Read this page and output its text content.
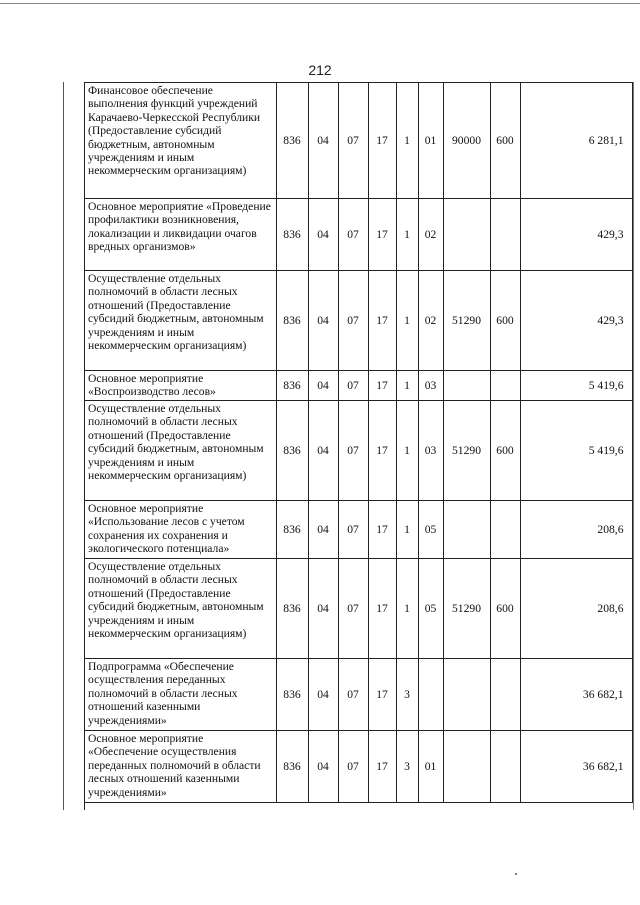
212
Финансовое обеспечение выполнения функций учреждений Карачаево-Черкесской Республики (Предоставление субсидий бюджетным, автономным учреждениям и иным некоммерческим организациям)	836	04	07	17	1	01	90000	600	6 281,1
Основное мероприятие «Проведение профилактики возникновения, локализации и ликвидации очагов вредных организмов»	836	04	07	17	1	02			429,3
Осуществление отдельных полномочий в области лесных отношений (Предоставление субсидий бюджетным, автономным учреждениям и иным некоммерческим организациям)	836	04	07	17	1	02	51290	600	429,3
Основное мероприятие «Воспроизводство лесов»	836	04	07	17	1	03			5 419,6
Осуществление отдельных полномочий в области лесных отношений (Предоставление субсидий бюджетным, автономным учреждениям и иным некоммерческим организациям)	836	04	07	17	1	03	51290	600	5 419,6
Основное мероприятие «Использование лесов с учетом сохранения их сохранения и экологического потенциала»	836	04	07	17	1	05			208,6
Осуществление отдельных полномочий в области лесных отношений (Предоставление субсидий бюджетным, автономным учреждениям и иным некоммерческим организациям)	836	04	07	17	1	05	51290	600	208,6
Подпрограмма «Обеспечение осуществления переданных полномочий в области лесных отношений казенными учреждениями»	836	04	07	17	3				36 682,1
Основное мероприятие «Обеспечение осуществления переданных полномочий в области лесных отношений казенными учреждениями»	836	04	07	17	3	01			36 682,1
